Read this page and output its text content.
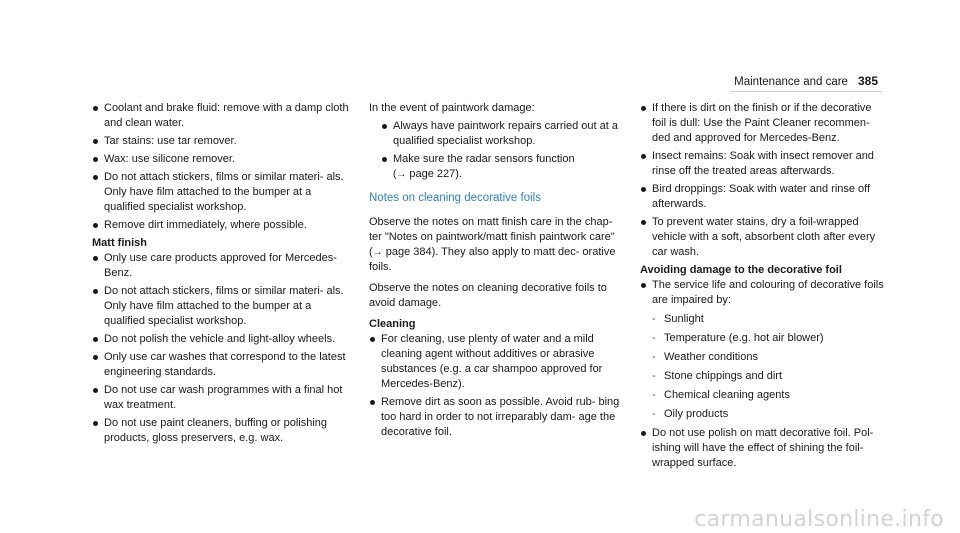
Maintenance and care 385
Coolant and brake fluid: remove with a damp cloth and clean water.
Tar stains: use tar remover.
Wax: use silicone remover.
Do not attach stickers, films or similar materi- als. Only have film attached to the bumper at a qualified specialist workshop.
Remove dirt immediately, where possible.
Matt finish
Only use care products approved for Mercedes-Benz.
Do not attach stickers, films or similar materi- als. Only have film attached to the bumper at a qualified specialist workshop.
Do not polish the vehicle and light-alloy wheels.
Only use car washes that correspond to the latest engineering standards.
Do not use car wash programmes with a final hot wax treatment.
Do not use paint cleaners, buffing or polishing products, gloss preservers, e.g. wax.

In the event of paintwork damage:

Always have paintwork repairs carried out at a qualified specialist workshop.
Make sure the radar sensors function
(→ page 227).
Notes on cleaning decorative foils

Observe the notes on matt finish care in the chap- ter "Notes on paintwork/matt finish paintwork care" (→ page 384). They also apply to matt dec- orative foils.

Observe the notes on cleaning decorative foils to avoid damage.

Cleaning
For cleaning, use plenty of water and a mild cleaning agent without additives or abrasive substances (e.g. a car shampoo approved for Mercedes-Benz).
Remove dirt as soon as possible. Avoid rub- bing too hard in order to not irreparably dam- age the decorative foil.
If there is dirt on the finish or if the decorative foil is dull: Use the Paint Cleaner recommen- ded and approved for Mercedes-Benz.
Insect remains: Soak with insect remover and rinse off the treated areas afterwards.
Bird droppings: Soak with water and rinse off afterwards.
To prevent water stains, dry a foil-wrapped vehicle with a soft, absorbent cloth after every car wash.
Avoiding damage to the decorative foil
The service life and colouring of decorative foils are impaired by:
- Sunlight
- Temperature (e.g. hot air blower)
- Weather conditions
- Stone chippings and dirt
- Chemical cleaning agents
- Oily products
Do not use polish on matt decorative foil. Pol- ishing will have the effect of shining the foil- wrapped surface.
carmanualsonline.info
